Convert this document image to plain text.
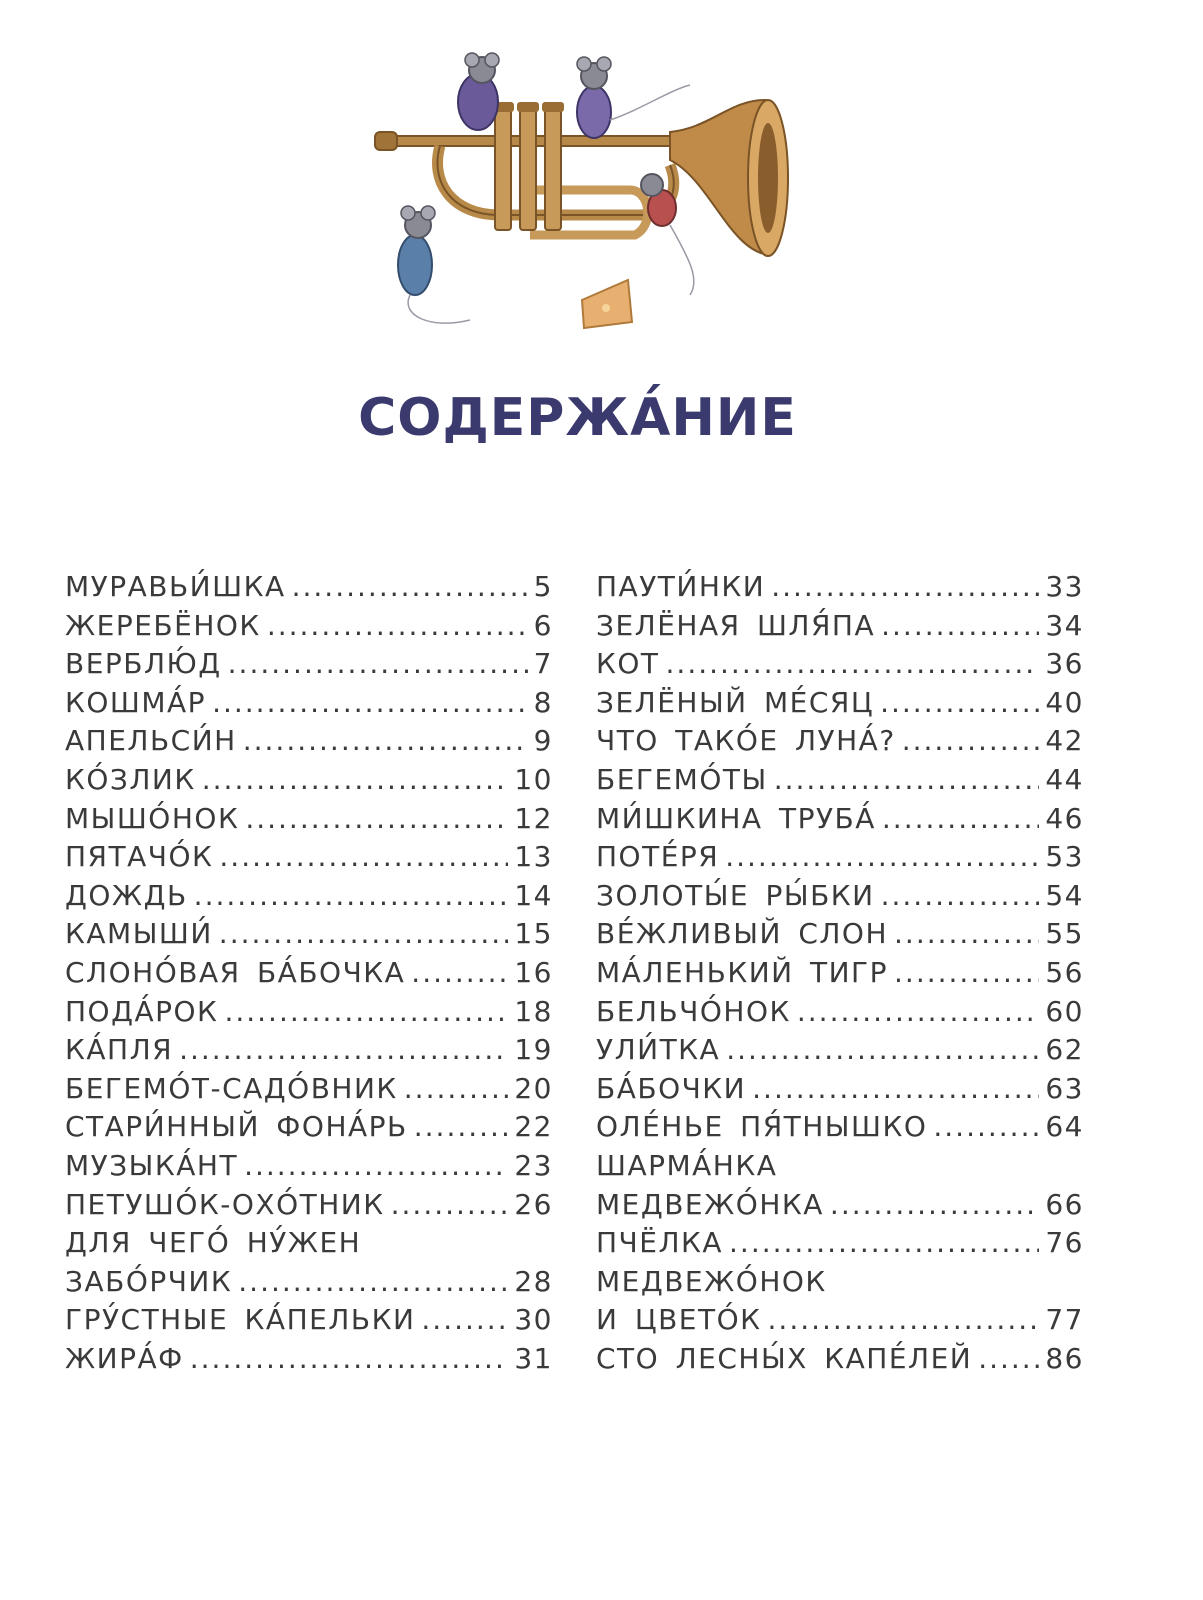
СОДЕРЖА́НИЕ
МУРАВЬИ́ШКА .....	5
ЖЕРЕБЁНОК .....	6
ВЕРБЛЮ́Д .....	7
КОШМА́Р .....	8
АПЕЛЬСИ́Н .....	9
КО́ЗЛИК .....	10
МЫШО́НОК .....	12
ПЯТАЧО́К .....	13
ДОЖДЬ .....	14
КАМЫШИ́ .....	15
СЛОНО́ВАЯ БА́БОЧКА .....	16
ПОДА́РОК .....	18
КА́ПЛЯ .....	19
БЕГЕМО́Т-САДО́ВНИК .....	20
СТАРИ́ННЫЙ ФОНА́РЬ .....	22
МУЗЫКА́НТ .....	23
ПЕТУШО́К-ОХО́ТНИК .....	26
ДЛЯ ЧЕГО́ НУ́ЖЕН
ЗАБО́РЧИК .....	28
ГРУ́СТНЫЕ КА́ПЕЛЬКИ .....	30
ЖИРА́Ф .....	31
ПАУТИ́НКИ .....	33
ЗЕЛЁНАЯ ШЛЯ́ПА .....	34
КОТ .....	36
ЗЕЛЁНЫЙ МЕ́СЯЦ .....	40
ЧТО ТАКО́Е ЛУНА́? .....	42
БЕГЕМО́ТЫ .....	44
МИ́ШКИНА ТРУБА́ .....	46
ПОТЕ́РЯ .....	53
ЗОЛОТЫ́Е РЫ́БКИ .....	54
ВЕ́ЖЛИВЫЙ СЛОН .....	55
МА́ЛЕНЬКИЙ ТИГР .....	56
БЕЛЬЧО́НОК .....	60
УЛИ́ТКА .....	62
БА́БОЧКИ .....	63
ОЛЕ́НЬЕ ПЯ́ТНЫШКО .....	64
ШАРМА́НКА
МЕДВЕЖО́НКА .....	66
ПЧЁЛКА .....	76
МЕДВЕЖО́НОК
И ЦВЕТО́К .....	77
СТО ЛЕСНЫ́Х КАПЕ́ЛЕЙ .....	86
